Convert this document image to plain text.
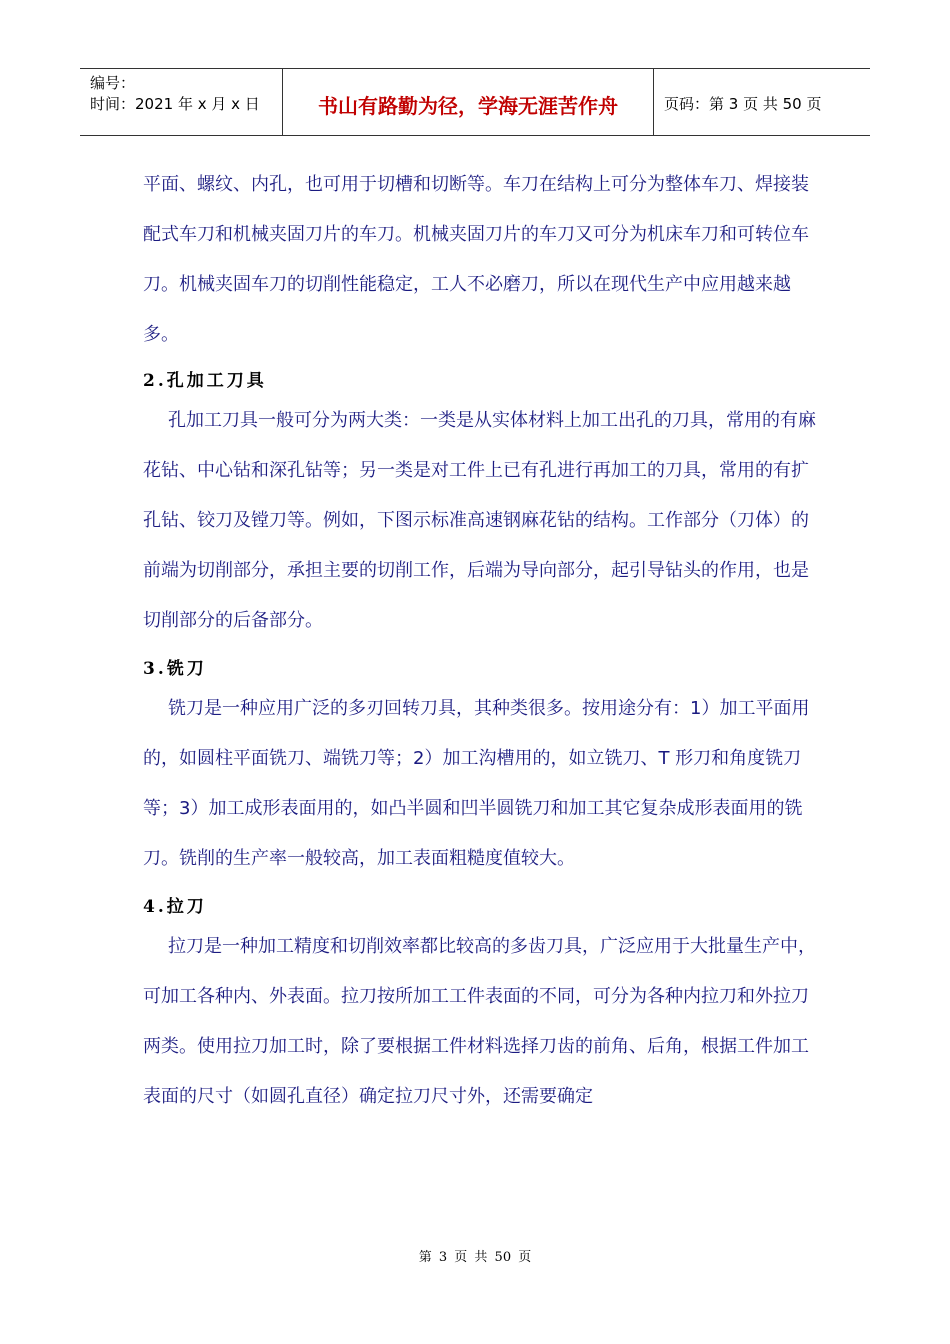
编号：
时间：2021 年 x 月 x 日	书山有路勤为径，学海无涯苦作舟	页码：第 3 页 共 50 页

平面、螺纹、内孔，也可用于切槽和切断等。车刀在结构上可分为整体车刀、焊接装配式车刀和机械夹固刀片的车刀。机械夹固刀片的车刀又可分为机床车刀和可转位车刀。机械夹固车刀的切削性能稳定，工人不必磨刀，所以在现代生产中应用越来越多。

2.孔加工刀具

孔加工刀具一般可分为两大类：一类是从实体材料上加工出孔的刀具，常用的有麻花钻、中心钻和深孔钻等；另一类是对工件上已有孔进行再加工的刀具，常用的有扩孔钻、铰刀及镗刀等。例如，下图示标准高速钢麻花钻的结构。工作部分（刀体）的前端为切削部分，承担主要的切削工作，后端为导向部分，起引导钻头的作用，也是切削部分的后备部分。

3.铣刀

铣刀是一种应用广泛的多刃回转刀具，其种类很多。按用途分有：1）加工平面用的，如圆柱平面铣刀、端铣刀等；2）加工沟槽用的，如立铣刀、T 形刀和角度铣刀等；3）加工成形表面用的，如凸半圆和凹半圆铣刀和加工其它复杂成形表面用的铣刀。铣削的生产率一般较高，加工表面粗糙度值较大。

4.拉刀

拉刀是一种加工精度和切削效率都比较高的多齿刀具，广泛应用于大批量生产中，可加工各种内、外表面。拉刀按所加工工件表面的不同，可分为各种内拉刀和外拉刀两类。使用拉刀加工时，除了要根据工件材料选择刀齿的前角、后角，根据工件加工表面的尺寸（如圆孔直径）确定拉刀尺寸外，还需要确定

第 3 页 共 50 页
